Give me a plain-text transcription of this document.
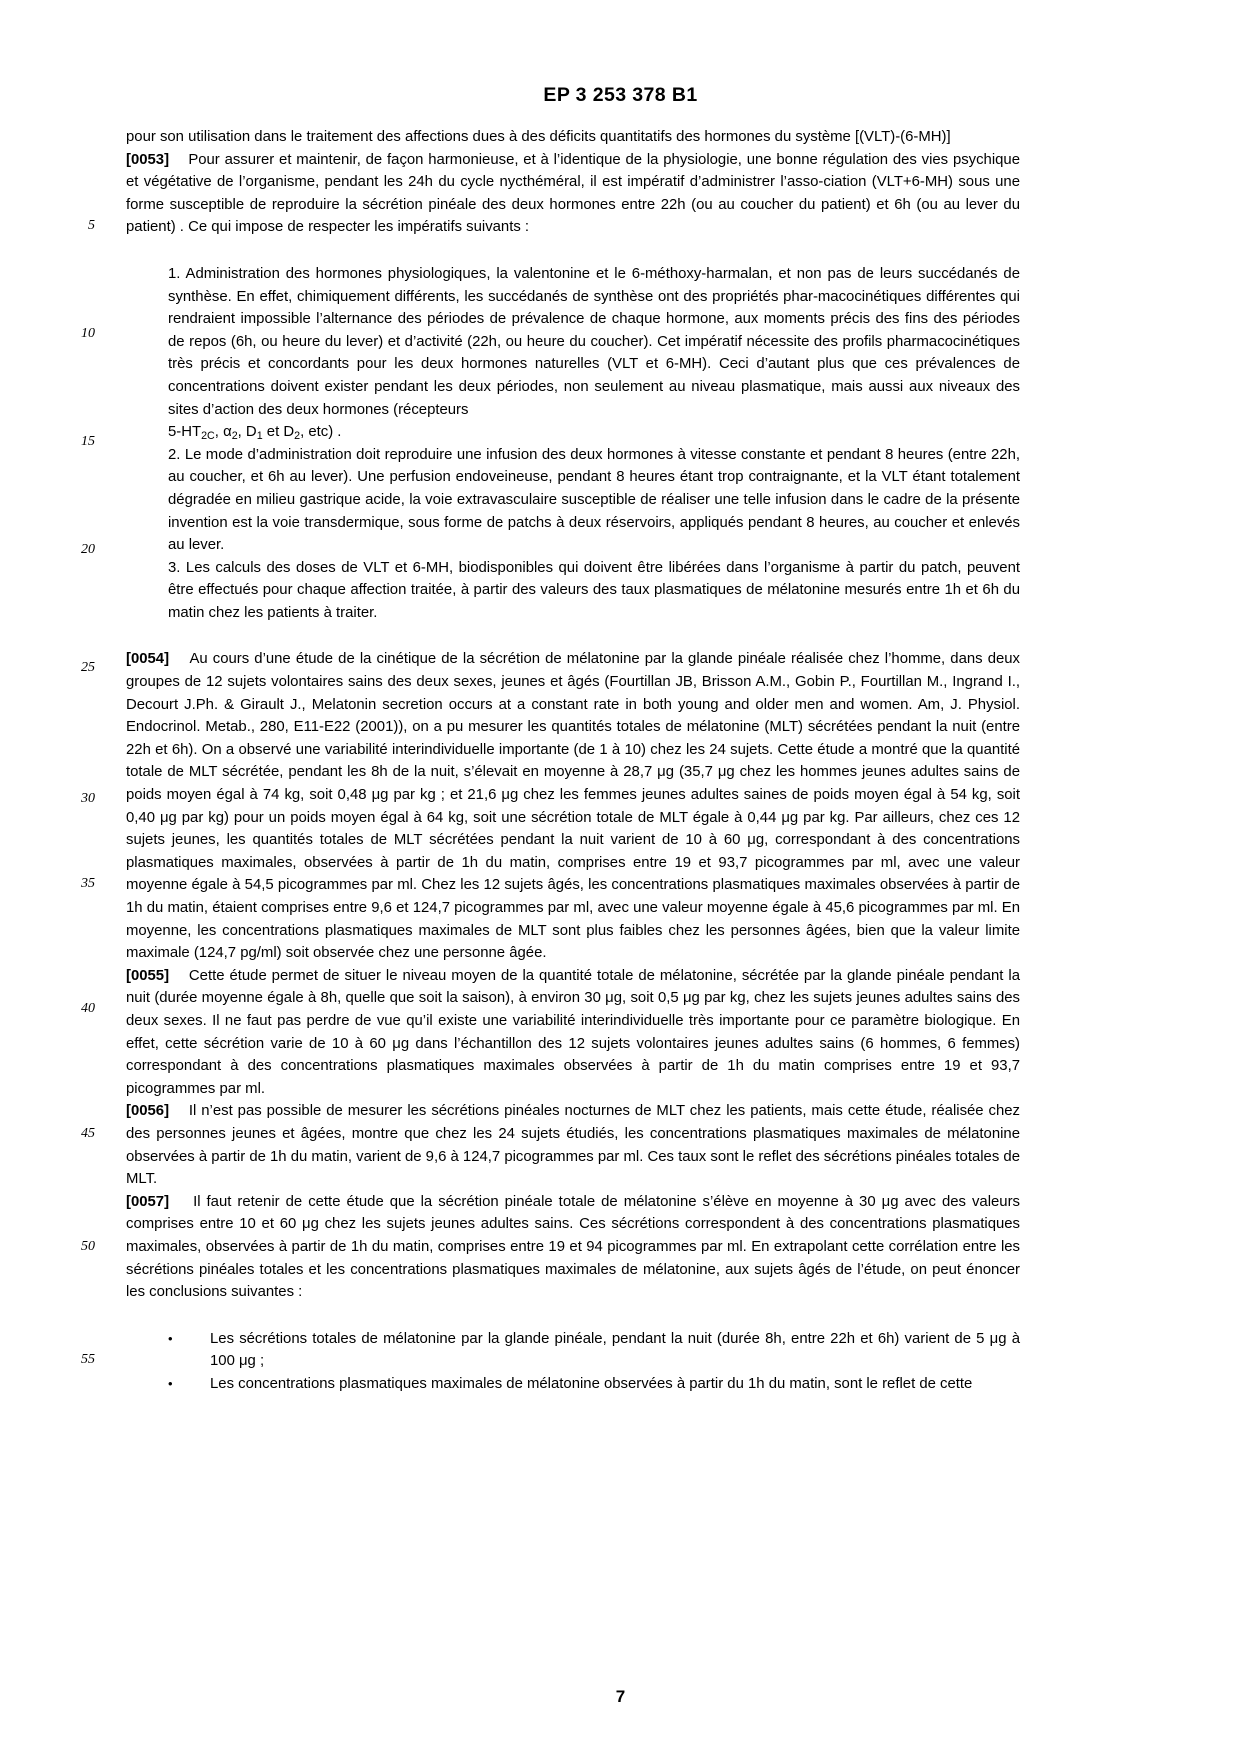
EP 3 253 378 B1
5
10
15
20
25
30
35
40
45
50
55

pour son utilisation dans le traitement des affections dues à des déficits quantitatifs des hormones du système [(VLT)-(6-MH)]

[0053] Pour assurer et maintenir, de façon harmonieuse, et à l’identique de la physiologie, une bonne régulation des vies psychique et végétative de l’organisme, pendant les 24h du cycle nycthéméral, il est impératif d’administrer l’asso-ciation (VLT+6-MH) sous une forme susceptible de reproduire la sécrétion pinéale des deux hormones entre 22h (ou au coucher du patient) et 6h (ou au lever du patient) . Ce qui impose de respecter les impératifs suivants :

1. Administration des hormones physiologiques, la valentonine et le 6-méthoxy-harmalan, et non pas de leurs succédanés de synthèse. En effet, chimiquement différents, les succédanés de synthèse ont des propriétés phar-macocinétiques différentes qui rendraient impossible l’alternance des périodes de prévalence de chaque hormone, aux moments précis des fins des périodes de repos (6h, ou heure du lever) et d’activité (22h, ou heure du coucher). Cet impératif nécessite des profils pharmacocinétiques très précis et concordants pour les deux hormones naturelles (VLT et 6-MH). Ceci d’autant plus que ces prévalences de concentrations doivent exister pendant les deux périodes, non seulement au niveau plasmatique, mais aussi aux niveaux des sites d’action des deux hormones (récepteurs

$5-HT_{2C}$, $\alpha_2$, $D_1$ et $D_2$, etc) .

2. Le mode d’administration doit reproduire une infusion des deux hormones à vitesse constante et pendant 8 heures (entre 22h, au coucher, et 6h au lever). Une perfusion endoveineuse, pendant 8 heures étant trop contraignante, et la VLT étant totalement dégradée en milieu gastrique acide, la voie extravasculaire susceptible de réaliser une telle infusion dans le cadre de la présente invention est la voie transdermique, sous forme de patchs à deux réservoirs, appliqués pendant 8 heures, au coucher et enlevés au lever.

3. Les calculs des doses de VLT et 6-MH, biodisponibles qui doivent être libérées dans l’organisme à partir du patch, peuvent être effectués pour chaque affection traitée, à partir des valeurs des taux plasmatiques de mélatonine mesurés entre 1h et 6h du matin chez les patients à traiter.

[0054] Au cours d’une étude de la cinétique de la sécrétion de mélatonine par la glande pinéale réalisée chez l’homme, dans deux groupes de 12 sujets volontaires sains des deux sexes, jeunes et âgés (Fourtillan JB, Brisson A.M., Gobin P., Fourtillan M., Ingrand I., Decourt J.Ph. & Girault J., Melatonin secretion occurs at a constant rate in both young and older men and women. Am, J. Physiol. Endocrinol. Metab., 280, E11-E22 (2001)), on a pu mesurer les quantités totales de mélatonine (MLT) sécrétées pendant la nuit (entre 22h et 6h). On a observé une variabilité interindividuelle importante (de 1 à 10) chez les 24 sujets. Cette étude a montré que la quantité totale de MLT sécrétée, pendant les 8h de la nuit, s’élevait en moyenne à 28,7 μg (35,7 μg chez les hommes jeunes adultes sains de poids moyen égal à 74 kg, soit 0,48 μg par kg ; et 21,6 μg chez les femmes jeunes adultes saines de poids moyen égal à 54 kg, soit 0,40 μg par kg) pour un poids moyen égal à 64 kg, soit une sécrétion totale de MLT égale à 0,44 μg par kg. Par ailleurs, chez ces 12 sujets jeunes, les quantités totales de MLT sécrétées pendant la nuit varient de 10 à 60 μg, correspondant à des concentrations plasmatiques maximales, observées à partir de 1h du matin, comprises entre 19 et 93,7 picogrammes par ml, avec une valeur moyenne égale à 54,5 picogrammes par ml. Chez les 12 sujets âgés, les concentrations plasmatiques maximales observées à partir de 1h du matin, étaient comprises entre 9,6 et 124,7 picogrammes par ml, avec une valeur moyenne égale à 45,6 picogrammes par ml. En moyenne, les concentrations plasmatiques maximales de MLT sont plus faibles chez les personnes âgées, bien que la valeur limite maximale (124,7 pg/ml) soit observée chez une personne âgée.

[0055] Cette étude permet de situer le niveau moyen de la quantité totale de mélatonine, sécrétée par la glande pinéale pendant la nuit (durée moyenne égale à 8h, quelle que soit la saison), à environ 30 μg, soit 0,5 μg par kg, chez les sujets jeunes adultes sains des deux sexes. Il ne faut pas perdre de vue qu’il existe une variabilité interindividuelle très importante pour ce paramètre biologique. En effet, cette sécrétion varie de 10 à 60 μg dans l’échantillon des 12 sujets volontaires jeunes adultes sains (6 hommes, 6 femmes) correspondant à des concentrations plasmatiques maximales observées à partir de 1h du matin comprises entre 19 et 93,7 picogrammes par ml.

[0056] Il n’est pas possible de mesurer les sécrétions pinéales nocturnes de MLT chez les patients, mais cette étude, réalisée chez des personnes jeunes et âgées, montre que chez les 24 sujets étudiés, les concentrations plasmatiques maximales de mélatonine observées à partir de 1h du matin, varient de 9,6 à 124,7 picogrammes par ml. Ces taux sont le reflet des sécrétions pinéales totales de MLT.

[0057] Il faut retenir de cette étude que la sécrétion pinéale totale de mélatonine s’élève en moyenne à 30 μg avec des valeurs comprises entre 10 et 60 μg chez les sujets jeunes adultes sains. Ces sécrétions correspondent à des concentrations plasmatiques maximales, observées à partir de 1h du matin, comprises entre 19 et 94 picogrammes par ml. En extrapolant cette corrélation entre les sécrétions pinéales totales et les concentrations plasmatiques maximales de mélatonine, aux sujets âgés de l’étude, on peut énoncer les conclusions suivantes :

•	Les sécrétions totales de mélatonine par la glande pinéale, pendant la nuit (durée 8h, entre 22h et 6h) varient de 5 μg à 100 μg ;
•	Les concentrations plasmatiques maximales de mélatonine observées à partir du 1h du matin, sont le reflet de cette
7
